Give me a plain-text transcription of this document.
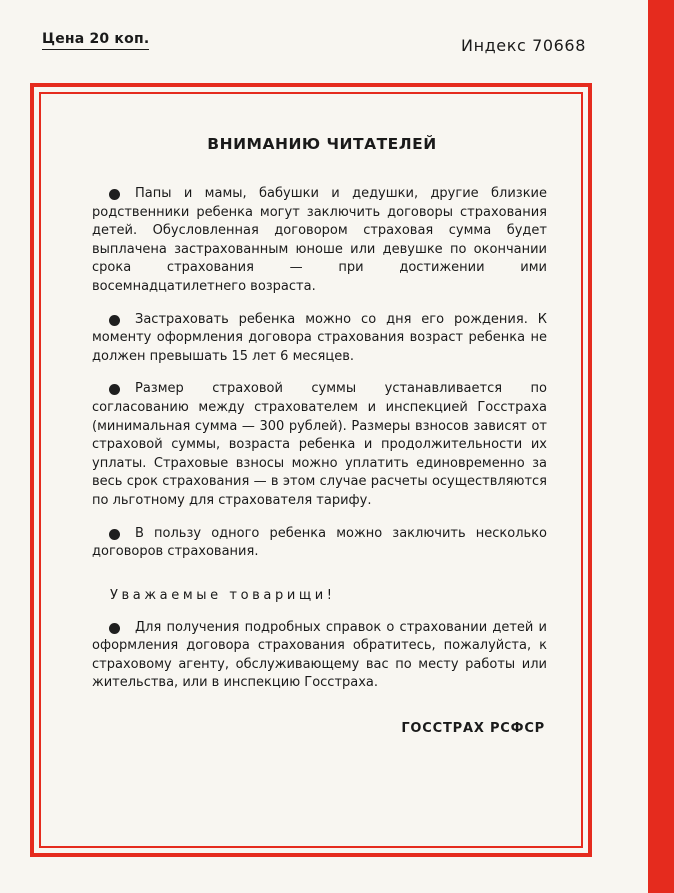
Цена 20 коп.	Индекс 70668
ВНИМАНИЮ ЧИТАТЕЛЕЙ

Папы и мамы, бабушки и дедушки, другие близкие родственники ребенка могут заключить договоры страхования детей. Обусловленная договором страховая сумма будет выплачена застрахованным юноше или девушке по окончании срока страхования — при достижении ими восемнадцатилетнего возраста.

Застраховать ребенка можно со дня его рождения. К моменту оформления договора страхования возраст ребенка не должен превышать 15 лет 6 месяцев.

Размер страховой суммы устанавливается по согласованию между страхователем и инспекцией Госстраха (минимальная сумма — 300 рублей). Размеры взносов зависят от страховой суммы, возраста ребенка и продолжительности их уплаты. Страховые взносы можно уплатить единовременно за весь срок страхования — в этом случае расчеты осуществляются по льготному для страхователя тарифу.

В пользу одного ребенка можно заключить несколько договоров страхования.

Уважаемые товарищи!

Для получения подробных справок о страховании детей и оформления договора страхования обратитесь, пожалуйста, к страховому агенту, обслуживающему вас по месту работы или жительства, или в инспекцию Госстраха.

ГОССТРАХ РСФСР
